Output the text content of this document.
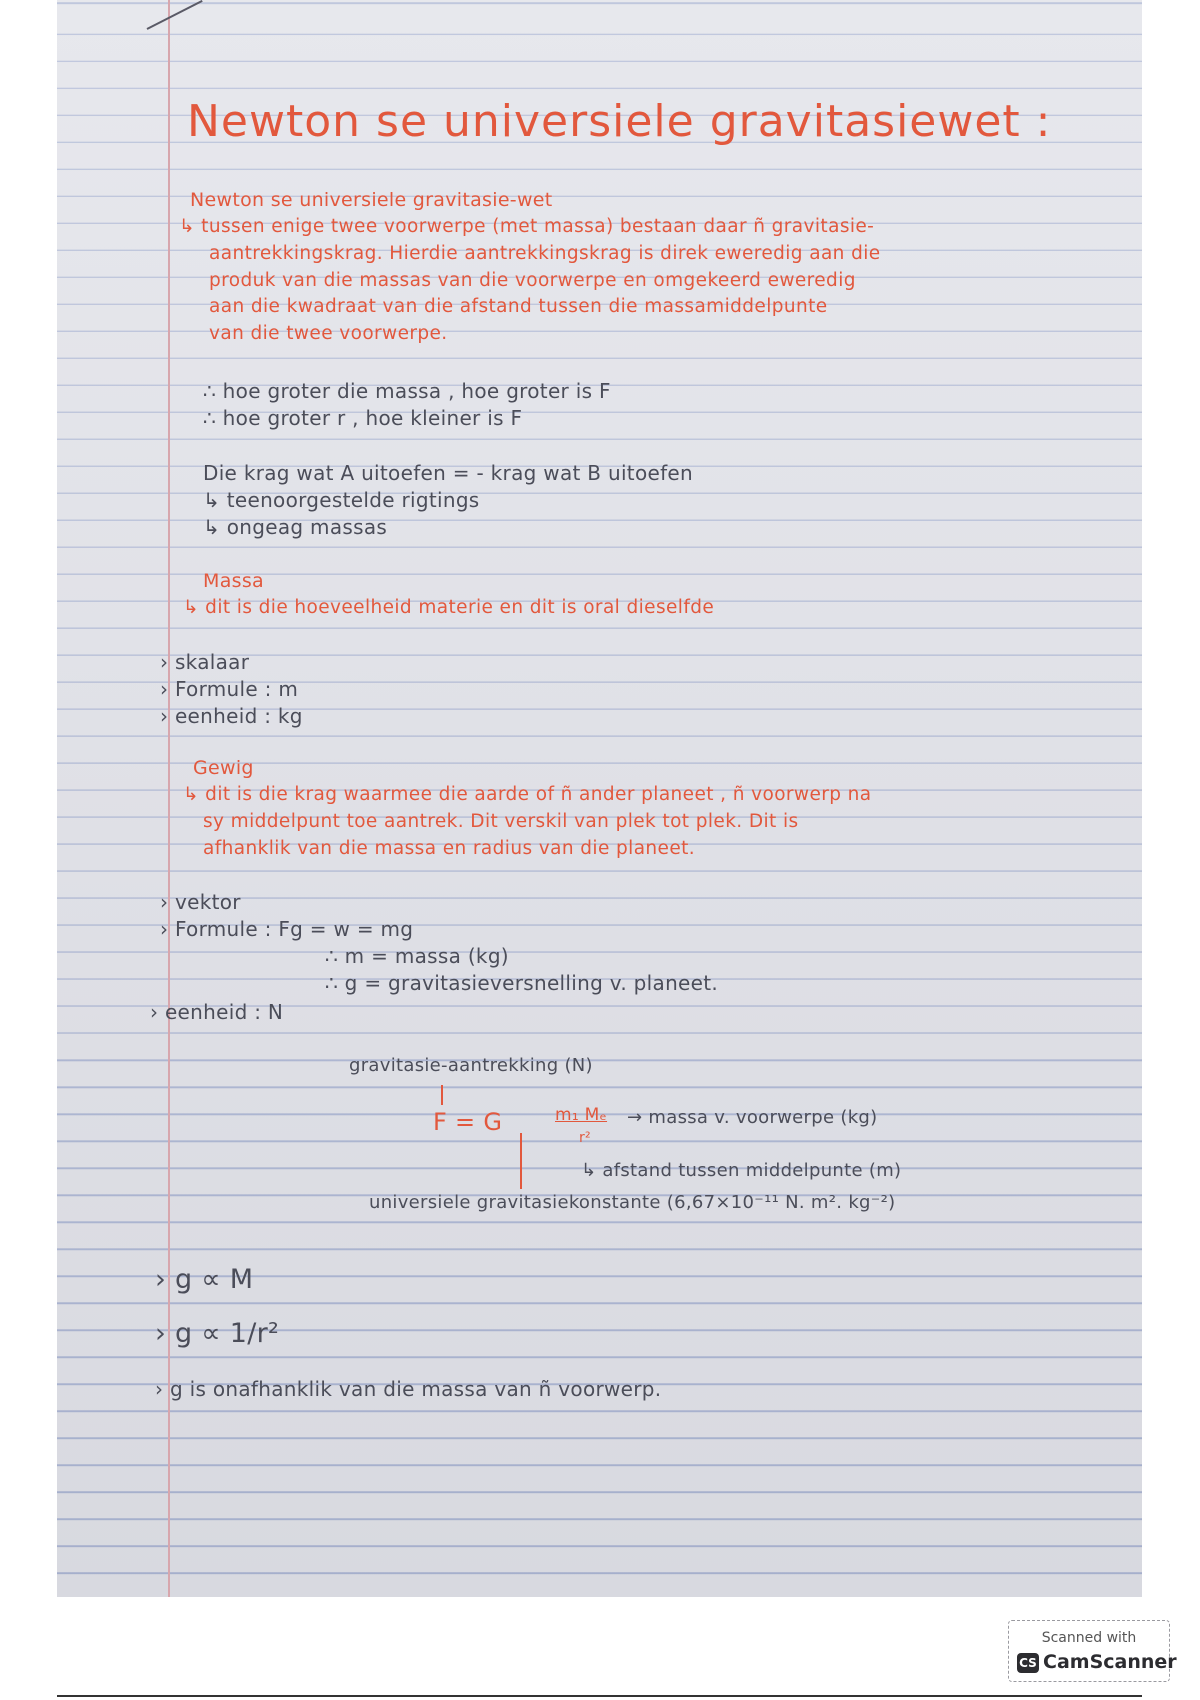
Newton se universiele gravitasiewet :
Newton se universiele gravitasie-wet
↳ tussen enige twee voorwerpe (met massa) bestaan daar ñ gravitasie-
aantrekkingskrag. Hierdie aantrekkingskrag is direk eweredig aan die
produk van die massas van die voorwerpe en omgekeerd eweredig
aan die kwadraat van die afstand tussen die massamiddelpunte
van die twee voorwerpe.
∴ hoe groter die massa , hoe groter is F
∴ hoe groter r , hoe kleiner is F
Die krag wat A uitoefen = - krag wat B uitoefen
↳ teenoorgestelde rigtings
↳ ongeag massas
Massa
↳ dit is die hoeveelheid materie en dit is oral dieselfde
› skalaar
› Formule : m
› eenheid : kg
Gewig
↳ dit is die krag waarmee die aarde of ñ ander planeet , ñ voorwerp na
sy middelpunt toe aantrek. Dit verskil van plek tot plek. Dit is
afhanklik van die massa en radius van die planeet.
› vektor
› Formule : Fg = w = mg
∴ m = massa (kg)
∴ g = gravitasieversnelling v. planeet.
› eenheid : N
gravitasie-aantrekking (N)
F = G	m₁ Mₑ
r²
→ massa v. voorwerpe (kg)
↳ afstand tussen middelpunte (m)
universiele gravitasiekonstante (6,67×10⁻¹¹ N. m². kg⁻²)
› g ∝ M
› g ∝ 1/r²
› g is onafhanklik van die massa van ñ voorwerp.
Scanned with
CS CamScanner
